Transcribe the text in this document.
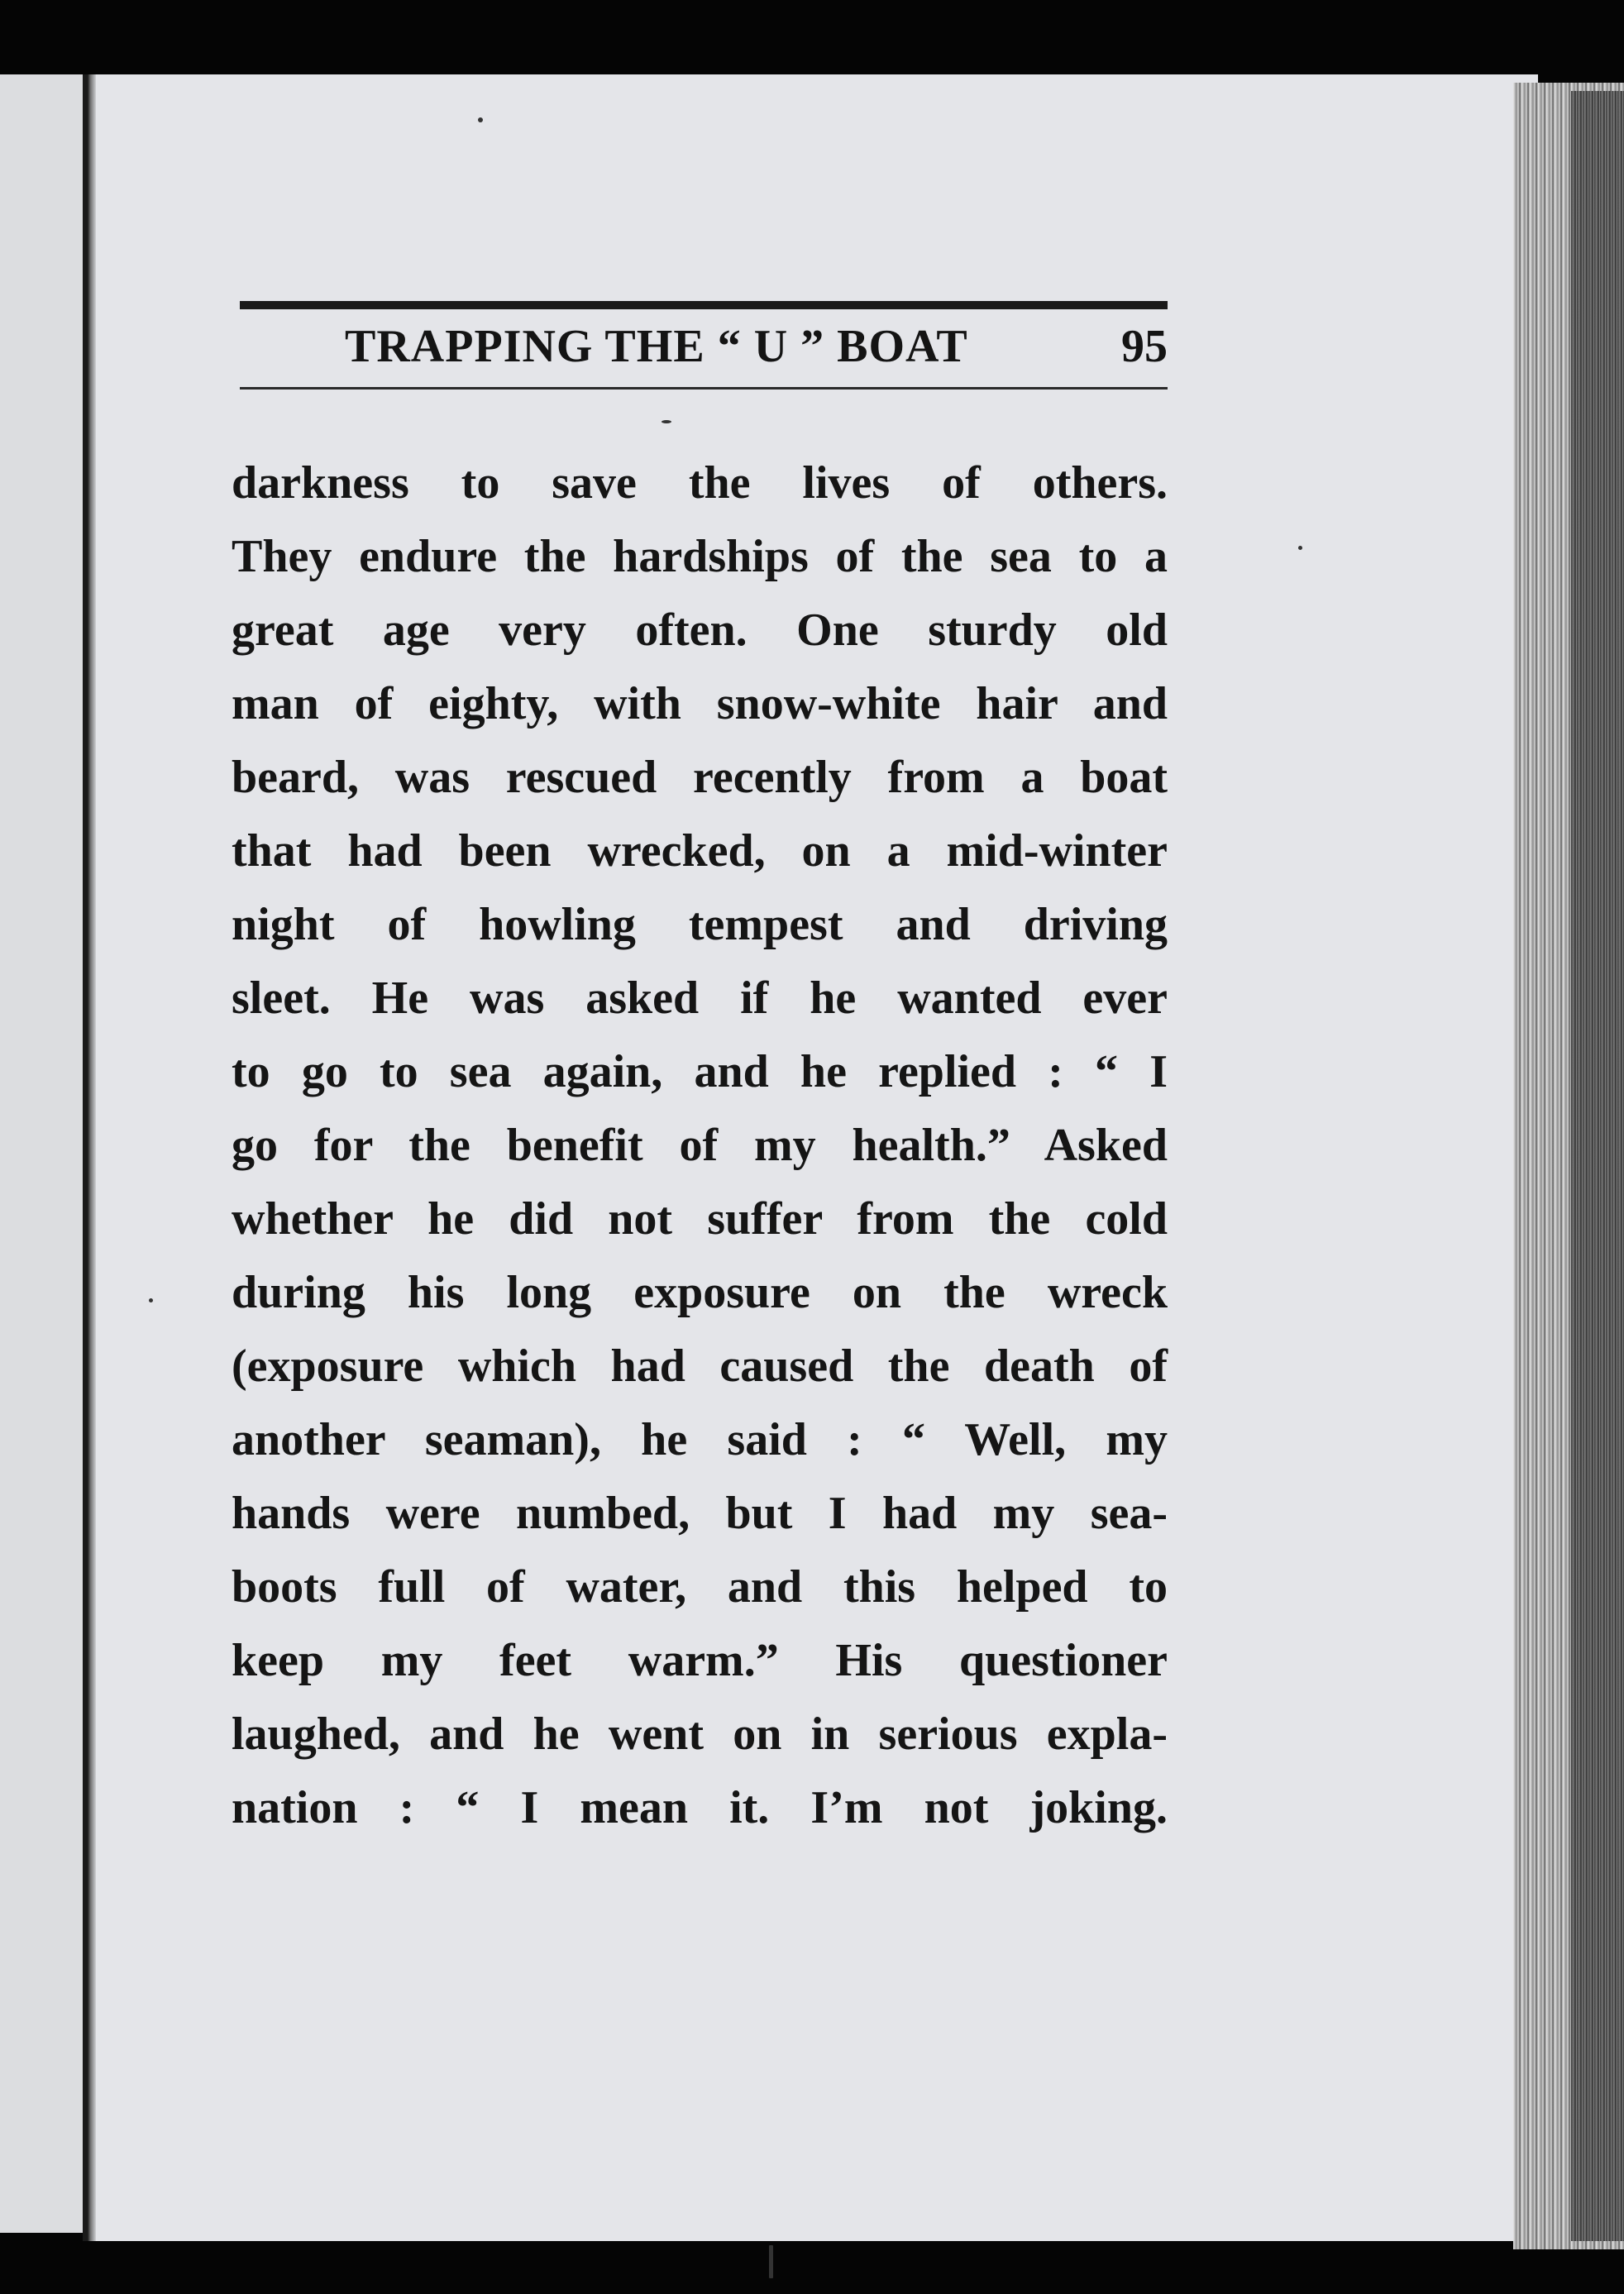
TRAPPING THE “ U ” BOAT	95
darkness to save the lives of others.
They endure the hardships of the sea to a
great age very often. One sturdy old
man of eighty, with snow-white hair and
beard, was rescued recently from a boat
that had been wrecked, on a mid-winter
night of howling tempest and driving
sleet. He was asked if he wanted ever
to go to sea again, and he replied : “ I
go for the benefit of my health.” Asked
whether he did not suffer from the cold
during his long exposure on the wreck
(exposure which had caused the death of
another seaman), he said : “ Well, my
hands were numbed, but I had my sea-
boots full of water, and this helped to
keep my feet warm.” His questioner
laughed, and he went on in serious expla-
nation : “ I mean it. I’m not joking.
